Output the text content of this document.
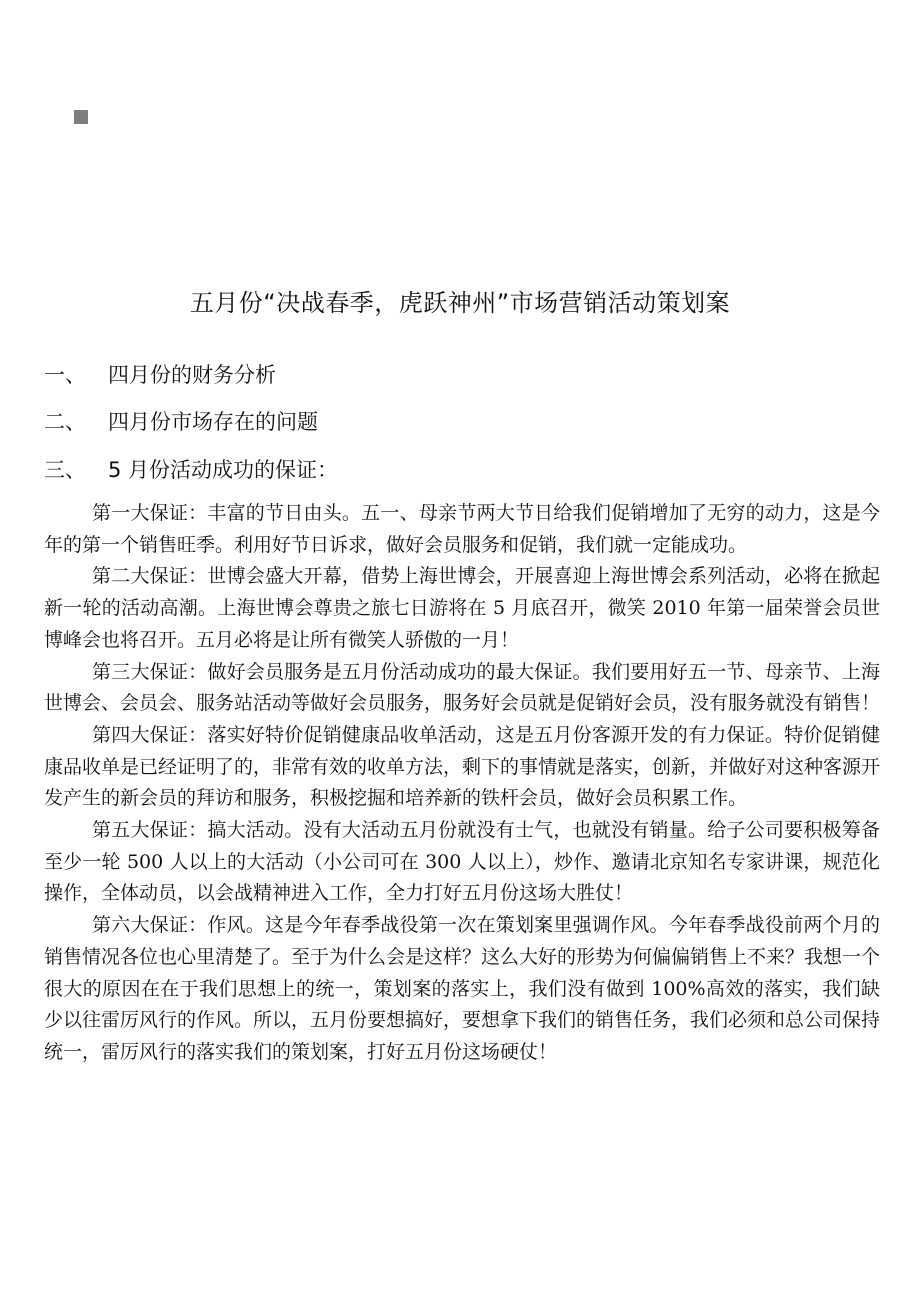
五月份“决战春季，虎跃神州”市场营销活动策划案
一、 四月份的财务分析
二、 四月份市场存在的问题
三、 5 月份活动成功的保证：

第一大保证：丰富的节日由头。五一、母亲节两大节日给我们促销增加了无穷的动力，这是今年的第一个销售旺季。利用好节日诉求，做好会员服务和促销，我们就一定能成功。

第二大保证：世博会盛大开幕，借势上海世博会，开展喜迎上海世博会系列活动，必将在掀起新一轮的活动高潮。上海世博会尊贵之旅七日游将在 5 月底召开，微笑 2010 年第一届荣誉会员世博峰会也将召开。五月必将是让所有微笑人骄傲的一月！

第三大保证：做好会员服务是五月份活动成功的最大保证。我们要用好五一节、母亲节、上海世博会、会员会、服务站活动等做好会员服务，服务好会员就是促销好会员，没有服务就没有销售！

第四大保证：落实好特价促销健康品收单活动，这是五月份客源开发的有力保证。特价促销健康品收单是已经证明了的，非常有效的收单方法，剩下的事情就是落实，创新，并做好对这种客源开发产生的新会员的拜访和服务，积极挖掘和培养新的铁杆会员，做好会员积累工作。

第五大保证：搞大活动。没有大活动五月份就没有士气，也就没有销量。给子公司要积极筹备至少一轮 500 人以上的大活动（小公司可在 300 人以上），炒作、邀请北京知名专家讲课，规范化操作，全体动员，以会战精神进入工作，全力打好五月份这场大胜仗！

第六大保证：作风。这是今年春季战役第一次在策划案里强调作风。今年春季战役前两个月的销售情况各位也心里清楚了。至于为什么会是这样？这么大好的形势为何偏偏销售上不来？我想一个很大的原因在在于我们思想上的统一，策划案的落实上，我们没有做到 100%高效的落实，我们缺少以往雷厉风行的作风。所以，五月份要想搞好，要想拿下我们的销售任务，我们必须和总公司保持统一，雷厉风行的落实我们的策划案，打好五月份这场硬仗！
